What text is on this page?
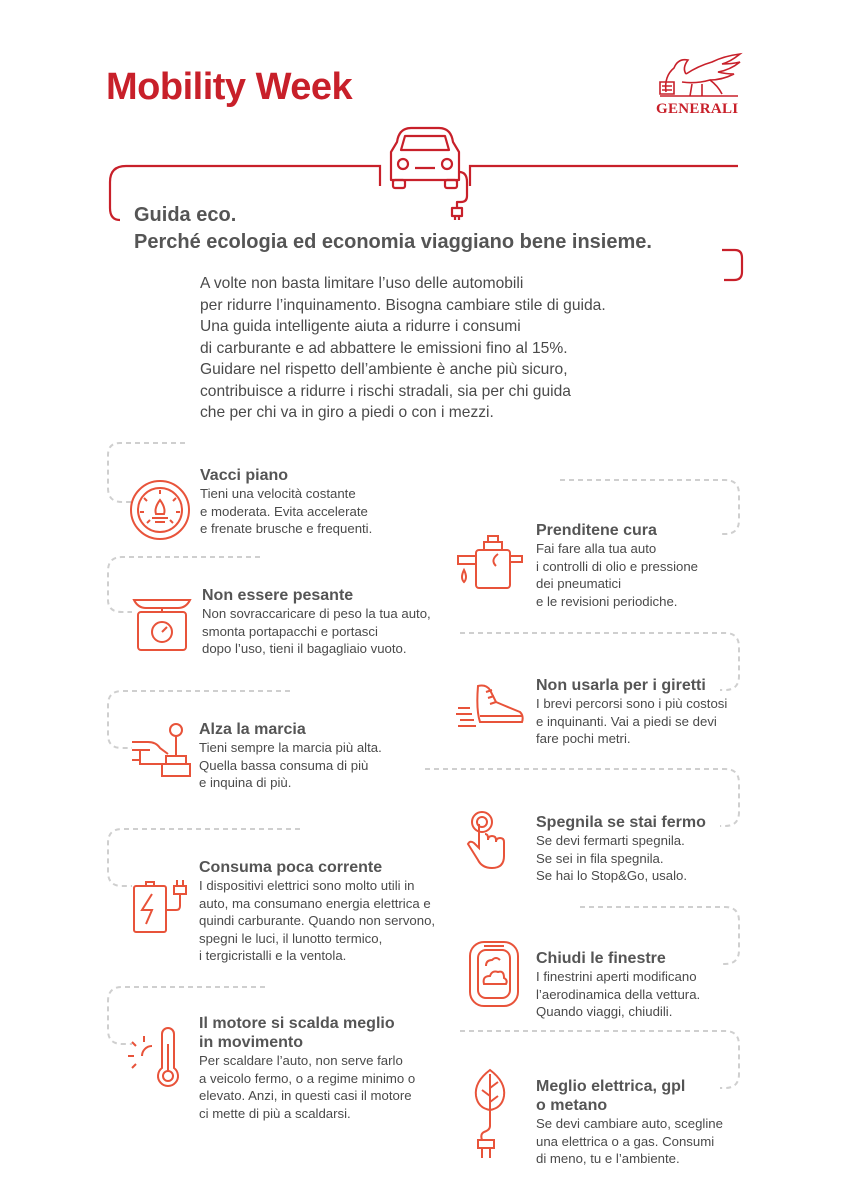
Mobility Week
GENERALI
Guida eco.
Perché ecologia ed economia viaggiano bene insieme.
A volte non basta limitare l’uso delle automobili
per ridurre l’inquinamento. Bisogna cambiare stile di guida.
Una guida intelligente aiuta a ridurre i consumi
di carburante e ad abbattere le emissioni fino al 15%.
Guidare nel rispetto dell’ambiente è anche più sicuro,
contribuisce a ridurre i rischi stradali, sia per chi guida
che per chi va in giro a piedi o con i mezzi.
Vacci piano
Tieni una velocità costante
e moderata. Evita accelerate
e frenate brusche e frequenti.	Prenditene cura
Fai fare alla tua auto
i controlli di olio e pressione
dei pneumatici
e le revisioni periodiche.
Non essere pesante
Non sovraccaricare di peso la tua auto,
smonta portapacchi e portasci
dopo l’uso, tieni il bagagliaio vuoto.
Non usarla per i giretti
I brevi percorsi sono i più costosi
e inquinanti. Vai a piedi se devi
fare pochi metri.
Alza la marcia
Tieni sempre la marcia più alta.
Quella bassa consuma di più
e inquina di più.
Spegnila se stai fermo
Se devi fermarti spegnila.
Se sei in fila spegnila.
Se hai lo Stop&Go, usalo.
Consuma poca corrente
I dispositivi elettrici sono molto utili in
auto, ma consumano energia elettrica e
quindi carburante. Quando non servono,
spegni le luci, il lunotto termico,
i tergicristalli e la ventola.	Chiudi le finestre
I finestrini aperti modificano
l’aerodinamica della vettura.
Quando viaggi, chiudili.
Il motore si scalda meglio
in movimento
Per scaldare l’auto, non serve farlo
a veicolo fermo, o a regime minimo o
elevato. Anzi, in questi casi il motore
ci mette di più a scaldarsi.
Meglio elettrica, gpl
o metano
Se devi cambiare auto, scegline
una elettrica o a gas. Consumi
di meno, tu e l’ambiente.
